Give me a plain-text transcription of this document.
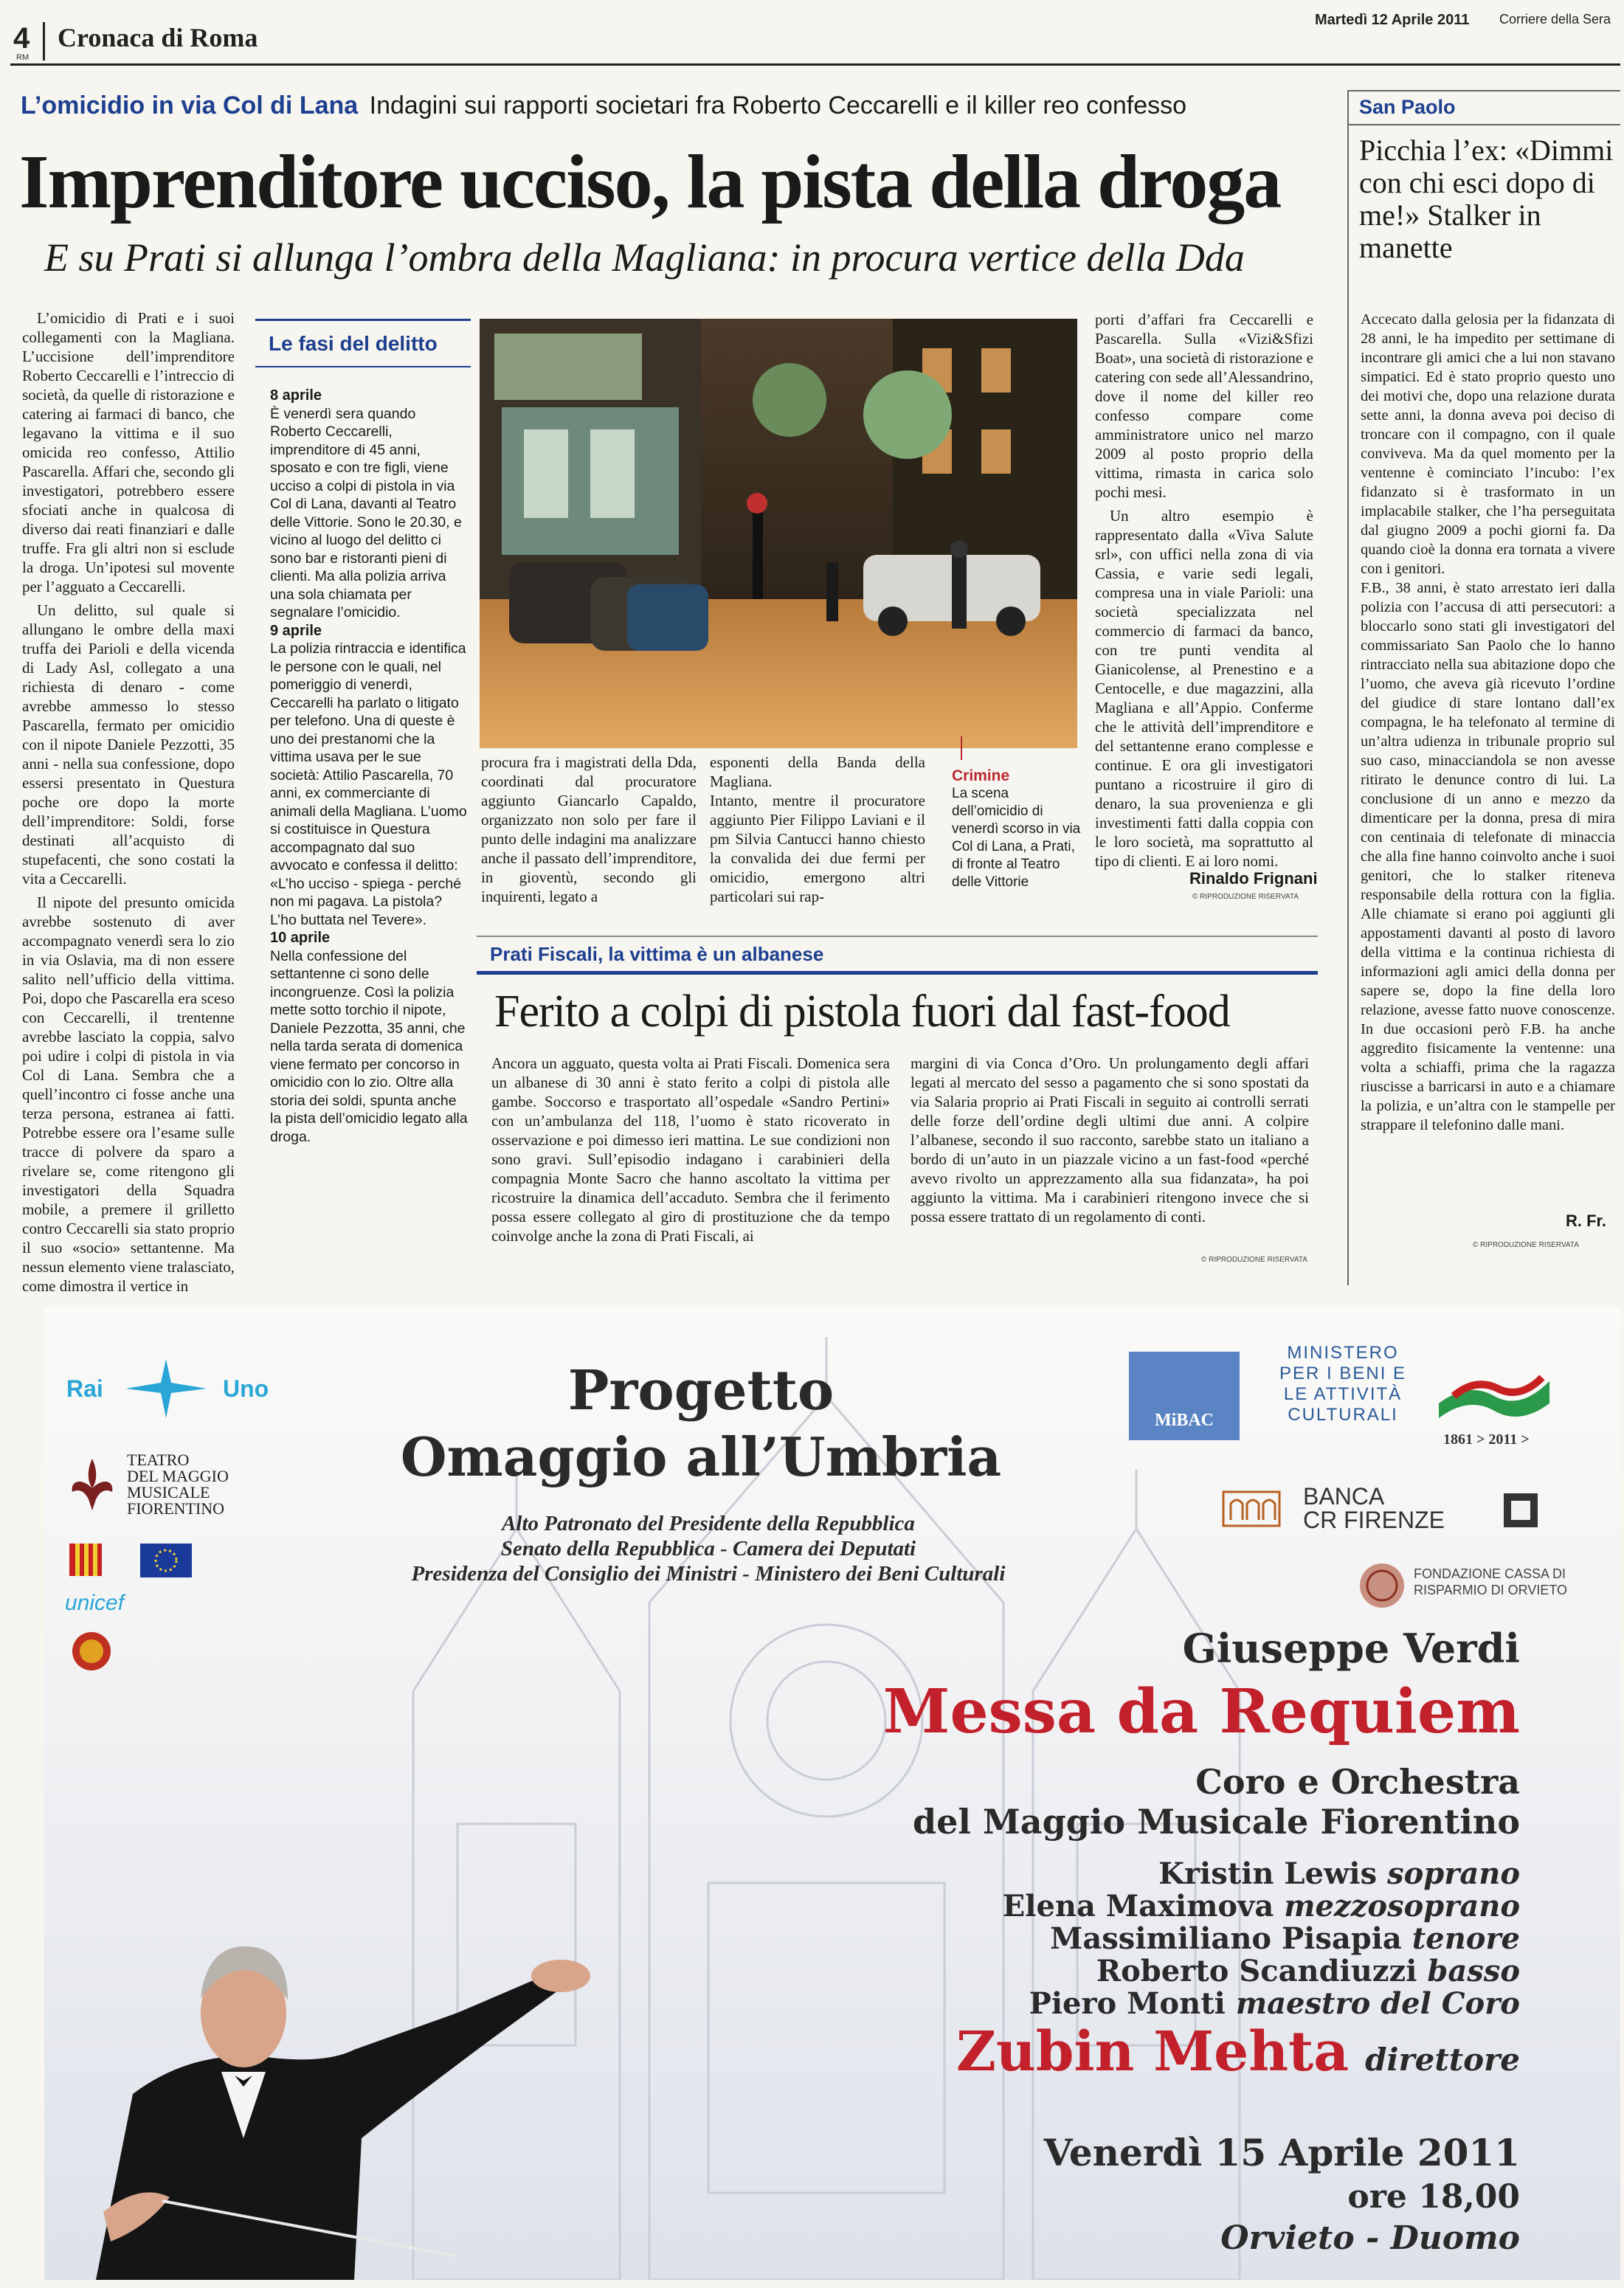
4
RM
Cronaca di Roma
Martedì 12 Aprile 2011 Corriere della Sera
L’omicidio in via Col di Lana Indagini sui rapporti societari fra Roberto Ceccarelli e il killer reo confesso
Imprenditore ucciso, la pista della droga
E su Prati si allunga l’ombra della Magliana: in procura vertice della Dda

L’omicidio di Prati e i suoi collegamenti con la Magliana. L’uccisione dell’imprenditore Roberto Ceccarelli e l’intreccio di società, da quelle di ristorazione e catering ai farmaci di banco, che legavano la vittima e il suo omicida reo confesso, Attilio Pascarella. Affari che, secondo gli investigatori, potrebbero essere sfociati anche in qualcosa di diverso dai reati finanziari e dalle truffe. Fra gli altri non si esclude la droga. Un’ipotesi sul movente per l’agguato a Ceccarelli.

Un delitto, sul quale si allungano le ombre della maxi truffa dei Parioli e della vicenda di Lady Asl, collegato a una richiesta di denaro - come avrebbe ammesso lo stesso Pascarella, fermato per omicidio con il nipote Daniele Pezzotti, 35 anni - nella sua confessione, dopo essersi presentato in Questura poche ore dopo la morte dell’imprenditore: Soldi, forse destinati all’acquisto di stupefacenti, che sono costati la vita a Ceccarelli.

Il nipote del presunto omicida avrebbe sostenuto di aver accompagnato venerdì sera lo zio in via Oslavia, ma di non essere salito nell’ufficio della vittima. Poi, dopo che Pascarella era sceso con Ceccarelli, il trentenne avrebbe lasciato la coppia, salvo poi udire i colpi di pistola in via Col di Lana. Sembra che a quell’incontro ci fosse anche una terza persona, estranea ai fatti. Potrebbe essere ora l’esame sulle tracce di polvere da sparo a rivelare se, come ritengono gli investigatori della Squadra mobile, a premere il grilletto contro Ceccarelli sia stato proprio il suo «socio» settantenne. Ma nessun elemento viene tralasciato, come dimostra il vertice in

Le fasi del delitto
8 aprile
È venerdì sera quando Roberto Ceccarelli, imprenditore di 45 anni, sposato e con tre figli, viene ucciso a colpi di pistola in via Col di Lana, davanti al Teatro delle Vittorie. Sono le 20.30, e vicino al luogo del delitto ci sono bar e ristoranti pieni di clienti. Ma alla polizia arriva una sola chiamata per segnalare l’omicidio.
9 aprile
La polizia rintraccia e identifica le persone con le quali, nel pomeriggio di venerdì, Ceccarelli ha parlato o litigato per telefono. Una di queste è uno dei prestanomi che la vittima usava per le sue società: Attilio Pascarella, 70 anni, ex commerciante di animali della Magliana. L’uomo si costituisce in Questura accompagnato dal suo avvocato e confessa il delitto: «L’ho ucciso - spiega - perché non mi pagava. La pistola? L’ho buttata nel Tevere».
10 aprile
Nella confessione del settantenne ci sono delle incongruenze. Così la polizia mette sotto torchio il nipote, Daniele Pezzotta, 35 anni, che nella tarda serata di domenica viene fermato per concorso in omicidio con lo zio. Oltre alla storia dei soldi, spunta anche la pista dell’omicidio legato alla droga.
Crimine
La scena dell’omicidio di venerdì scorso in via Col di Lana, a Prati, di fronte al Teatro delle Vittorie
procura fra i magistrati della Dda, coordinati dal procuratore aggiunto Giancarlo Capaldo, organizzato non solo per fare il punto delle indagini ma analizzare anche il passato dell’imprenditore, in gioventù, secondo gli inquirenti, legato a
esponenti della Banda della Magliana.
Intanto, mentre il procuratore aggiunto Pier Filippo Laviani e il pm Silvia Cantucci hanno chiesto la convalida dei due fermi per omicidio, emergono altri particolari sui rap-

porti d’affari fra Ceccarelli e Pascarella. Sulla «Vizi&Sfizi Boat», una società di ristorazione e catering con sede all’Alessandrino, dove il nome del killer reo confesso compare come amministratore unico nel marzo 2009 al posto proprio della vittima, rimasta in carica solo pochi mesi.

Un altro esempio è rappresentato dalla «Viva Salute srl», con uffici nella zona di via Cassia, e varie sedi legali, compresa una in viale Parioli: una società specializzata nel commercio di farmaci da banco, con tre punti vendita al Gianicolense, al Prenestino e a Centocelle, e due magazzini, alla Magliana e all’Appio. Conferme che le attività dell’imprenditore e del settantenne erano complesse e continue. E ora gli investigatori puntano a ricostruire il giro di denaro, la sua provenienza e gli investimenti fatti dalla coppia con le loro società, ma soprattutto al tipo di clienti. E ai loro nomi.

Rinaldo Frignani
© RIPRODUZIONE RISERVATA
Prati Fiscali, la vittima è un albanese
Ferito a colpi di pistola fuori dal fast-food
Ancora un agguato, questa volta ai Prati Fiscali. Domenica sera un albanese di 30 anni è stato ferito a colpi di pistola alle gambe. Soccorso e trasportato all’ospedale «Sandro Pertini» con un’ambulanza del 118, l’uomo è stato ricoverato in osservazione e poi dimesso ieri mattina. Le sue condizioni non sono gravi. Sull’episodio indagano i carabinieri della compagnia Monte Sacro che hanno ascoltato la vittima per ricostruire la dinamica dell’accaduto. Sembra che il ferimento possa essere collegato al giro di prostituzione che da tempo coinvolge anche la zona di Prati Fiscali, ai
margini di via Conca d’Oro. Un prolungamento degli affari legati al mercato del sesso a pagamento che si sono spostati da via Salaria proprio ai Prati Fiscali in seguito ai controlli serrati delle forze dell’ordine degli ultimi due anni. A colpire l’albanese, secondo il suo racconto, sarebbe stato un italiano a bordo di un’auto in un piazzale vicino a un fast-food «perché avevo rivolto un apprezzamento alla sua fidanzata», ha poi aggiunto la vittima. Ma i carabinieri ritengono invece che si possa essere trattato di un regolamento di conti.
© RIPRODUZIONE RISERVATA
San Paolo
Picchia l’ex: «Dimmi con chi esci dopo di me!» Stalker in manette
Accecato dalla gelosia per la fidanzata di 28 anni, le ha impedito per settimane di incontrare gli amici che a lui non stavano simpatici. Ed è stato proprio questo uno dei motivi che, dopo una relazione durata sette anni, la donna aveva poi deciso di troncare con il compagno, con il quale conviveva. Ma da quel momento per la ventenne è cominciato l’incubo: l’ex fidanzato si è trasformato in un implacabile stalker, che l’ha perseguitata dal giugno 2009 a pochi giorni fa. Da quando cioè la donna era tornata a vivere con i genitori.
F.B., 38 anni, è stato arrestato ieri dalla polizia con l’accusa di atti persecutori: a bloccarlo sono stati gli investigatori del commissariato San Paolo che lo hanno rintracciato nella sua abitazione dopo che l’uomo, che aveva già ricevuto l’ordine del giudice di stare lontano dall’ex compagna, le ha telefonato al termine di un’altra udienza in tribunale proprio sul suo caso, minacciandola se non avesse ritirato le denunce contro di lui. La conclusione di un anno e mezzo da dimenticare per la donna, presa di mira con centinaia di telefonate di minaccia che alla fine hanno coinvolto anche i suoi genitori, che lo stalker riteneva responsabile della rottura con la figlia. Alle chiamate si erano poi aggiunti gli appostamenti davanti al posto di lavoro della vittima e la continua richiesta di informazioni agli amici della donna per sapere se, dopo la fine della loro relazione, avesse fatto nuove conoscenze. In due occasioni però F.B. ha anche aggredito fisicamente la ventenne: una volta a schiaffi, prima che la ragazza riuscisse a barricarsi in auto e a chiamare la polizia, e un’altra con le stampelle per strappare il telefonino dalle mani.
R. Fr.
© RIPRODUZIONE RISERVATA
Rai	Uno
TEATRO
DEL MAGGIO
MUSICALE
FIORENTINO
unicef
Progetto
Omaggio all’Umbria
Alto Patronato del Presidente della Repubblica
Senato della Repubblica - Camera dei Deputati
Presidenza del Consiglio dei Ministri - Ministero dei Beni Culturali
MiBAC
MINISTERO
PER I BENI E
LE ATTIVITÀ
CULTURALI
1861 > 2011 >
BANCA
CR FIRENZE
FONDAZIONE CASSA DI
RISPARMIO DI ORVIETO
Giuseppe Verdi
Messa da Requiem
Coro e Orchestra
del Maggio Musicale Fiorentino
Kristin Lewis soprano
Elena Maximova mezzosoprano
Massimiliano Pisapia tenore
Roberto Scandiuzzi basso
Piero Monti maestro del Coro
Zubin Mehta direttore
Venerdì 15 Aprile 2011
ore 18,00
Orvieto - Duomo
